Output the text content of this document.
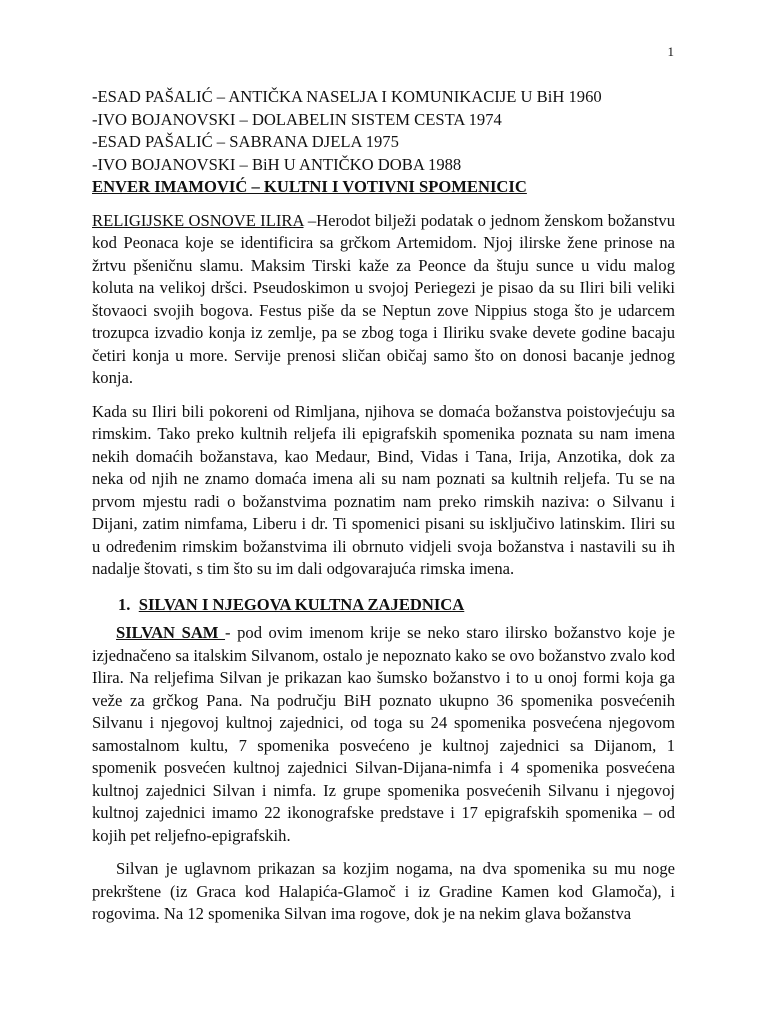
1
-ESAD PAŠALIĆ – ANTIČKA NASELJA I KOMUNIKACIJE U BiH 1960
-IVO BOJANOVSKI – DOLABELIN SISTEM CESTA 1974
-ESAD PAŠALIĆ – SABRANA DJELA 1975
-IVO BOJANOVSKI – BiH U ANTIČKO DOBA 1988
ENVER IMAMOVIĆ – KULTNI I VOTIVNI SPOMENICIC

RELIGIJSKE OSNOVE ILIRA –Herodot bilježi podatak o jednom ženskom božanstvu kod Peonaca koje se identificira sa grčkom Artemidom. Njoj ilirske žene prinose na žrtvu pšeničnu slamu. Maksim Tirski kaže za Peonce da štuju sunce u vidu malog koluta na velikoj dršci. Pseudoskimon u svojoj Periegezi je pisao da su Iliri bili veliki štovaoci svojih bogova. Festus piše da se Neptun zove Nippius stoga što je udarcem trozupca izvadio konja iz zemlje, pa se zbog toga i Iliriku svake devete godine bacaju četiri konja u more. Servije prenosi sličan običaj samo što on donosi bacanje jednog konja.

Kada su Iliri bili pokoreni od Rimljana, njihova se domaća božanstva poistovjećuju sa rimskim. Tako preko kultnih reljefa ili epigrafskih spomenika poznata su nam imena nekih domaćih božanstava, kao Medaur, Bind, Vidas i Tana, Irija, Anzotika, dok za neka od njih ne znamo domaća imena ali su nam poznati sa kultnih reljefa. Tu se na prvom mjestu radi o božanstvima poznatim nam preko rimskih naziva: o Silvanu i Dijani, zatim nimfama, Liberu i dr. Ti spomenici pisani su isključivo latinskim. Iliri su u određenim rimskim božanstvima ili obrnuto vidjeli svoja božanstva i nastavili su ih nadalje štovati, s tim što su im dali odgovarajuća rimska imena.

1. SILVAN I NJEGOVA KULTNA ZAJEDNICA

SILVAN SAM - pod ovim imenom krije se neko staro ilirsko božanstvo koje je izjednačeno sa italskim Silvanom, ostalo je nepoznato kako se ovo božanstvo zvalo kod Ilira. Na reljefima Silvan je prikazan kao šumsko božanstvo i to u onoj formi koja ga veže za grčkog Pana. Na području BiH poznato ukupno 36 spomenika posvećenih Silvanu i njegovoj kultnoj zajednici, od toga su 24 spomenika posvećena njegovom samostalnom kultu, 7 spomenika posvećeno je kultnoj zajednici sa Dijanom, 1 spomenik posvećen kultnoj zajednici Silvan-Dijana-nimfa i 4 spomenika posvećena kultnoj zajednici Silvan i nimfa. Iz grupe spomenika posvećenih Silvanu i njegovoj kultnoj zajednici imamo 22 ikonografske predstave i 17 epigrafskih spomenika – od kojih pet reljefno-epigrafskih.

Silvan je uglavnom prikazan sa kozjim nogama, na dva spomenika su mu noge prekrštene (iz Graca kod Halapića-Glamoč i iz Gradine Kamen kod Glamoča), i rogovima. Na 12 spomenika Silvan ima rogove, dok je na nekim glava božanstva
